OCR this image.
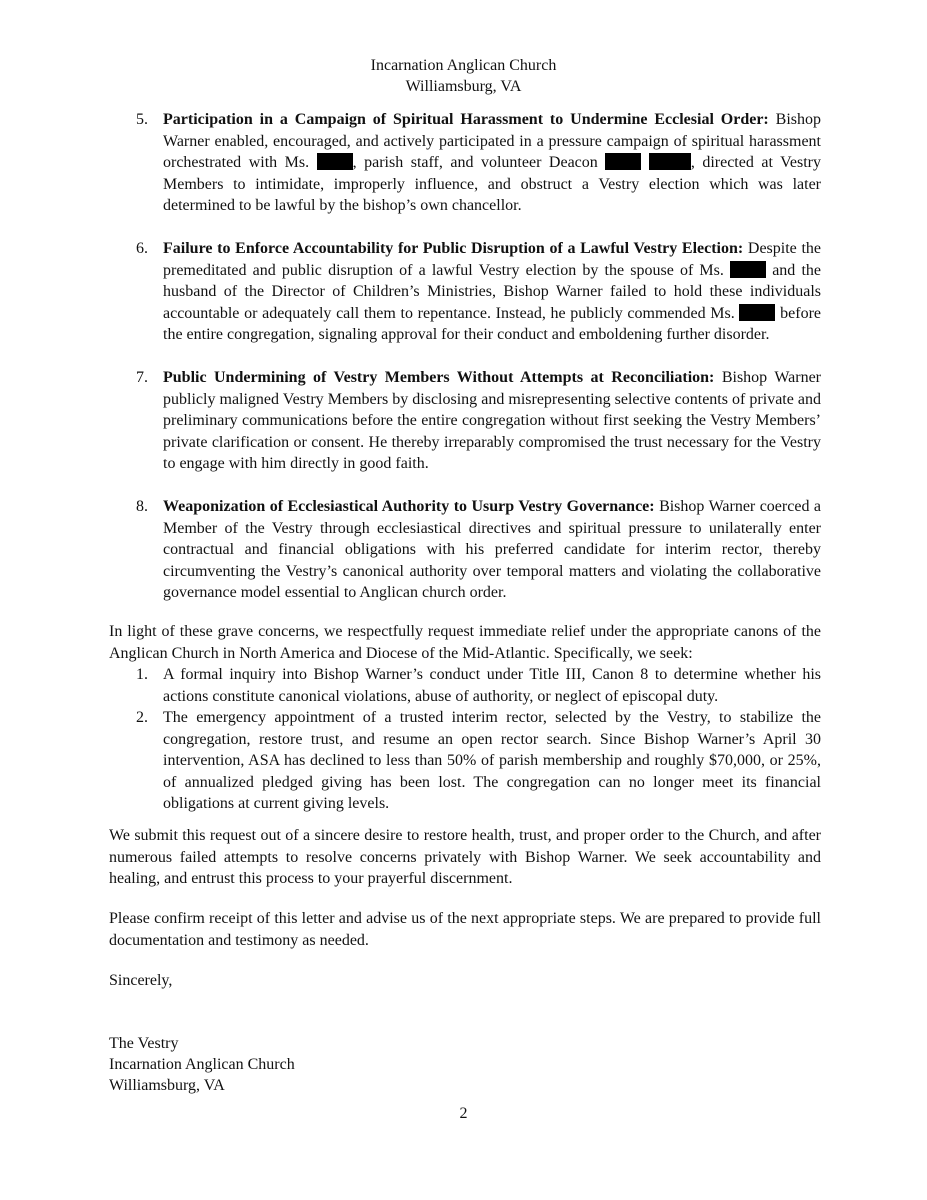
Incarnation Anglican Church
Williamsburg, VA
5. Participation in a Campaign of Spiritual Harassment to Undermine Ecclesial Order: Bishop Warner enabled, encouraged, and actively participated in a pressure campaign of spiritual harassment orchestrated with Ms. , parish staff, and volunteer Deacon	, directed at Vestry Members to intimidate, improperly influence, and obstruct a Vestry election which was later determined to be lawful by the bishop’s own chancellor.
6. Failure to Enforce Accountability for Public Disruption of a Lawful Vestry Election: Despite the premeditated and public disruption of a lawful Vestry election by the spouse of Ms.  and the husband of the Director of Children’s Ministries, Bishop Warner failed to hold these individuals accountable or adequately call them to repentance. Instead, he publicly commended Ms.  before the entire congregation, signaling approval for their conduct and emboldening further disorder.
7. Public Undermining of Vestry Members Without Attempts at Reconciliation: Bishop Warner publicly maligned Vestry Members by disclosing and misrepresenting selective contents of private and preliminary communications before the entire congregation without first seeking the Vestry Members’ private clarification or consent. He thereby irreparably compromised the trust necessary for the Vestry to engage with him directly in good faith.
8. Weaponization of Ecclesiastical Authority to Usurp Vestry Governance: Bishop Warner coerced a Member of the Vestry through ecclesiastical directives and spiritual pressure to unilaterally enter contractual and financial obligations with his preferred candidate for interim rector, thereby circumventing the Vestry’s canonical authority over temporal matters and violating the collaborative governance model essential to Anglican church order.
In light of these grave concerns, we respectfully request immediate relief under the appropriate canons of the Anglican Church in North America and Diocese of the Mid-Atlantic. Specifically, we seek:
1. A formal inquiry into Bishop Warner’s conduct under Title III, Canon 8 to determine whether his actions constitute canonical violations, abuse of authority, or neglect of episcopal duty.
2. The emergency appointment of a trusted interim rector, selected by the Vestry, to stabilize the congregation, restore trust, and resume an open rector search. Since Bishop Warner’s April 30 intervention, ASA has declined to less than 50% of parish membership and roughly $70,000, or 25%, of annualized pledged giving has been lost. The congregation can no longer meet its financial obligations at current giving levels.
We submit this request out of a sincere desire to restore health, trust, and proper order to the Church, and after numerous failed attempts to resolve concerns privately with Bishop Warner. We seek accountability and healing, and entrust this process to your prayerful discernment.
Please confirm receipt of this letter and advise us of the next appropriate steps. We are prepared to provide full documentation and testimony as needed.
Sincerely,
The Vestry
Incarnation Anglican Church
Williamsburg, VA
2
